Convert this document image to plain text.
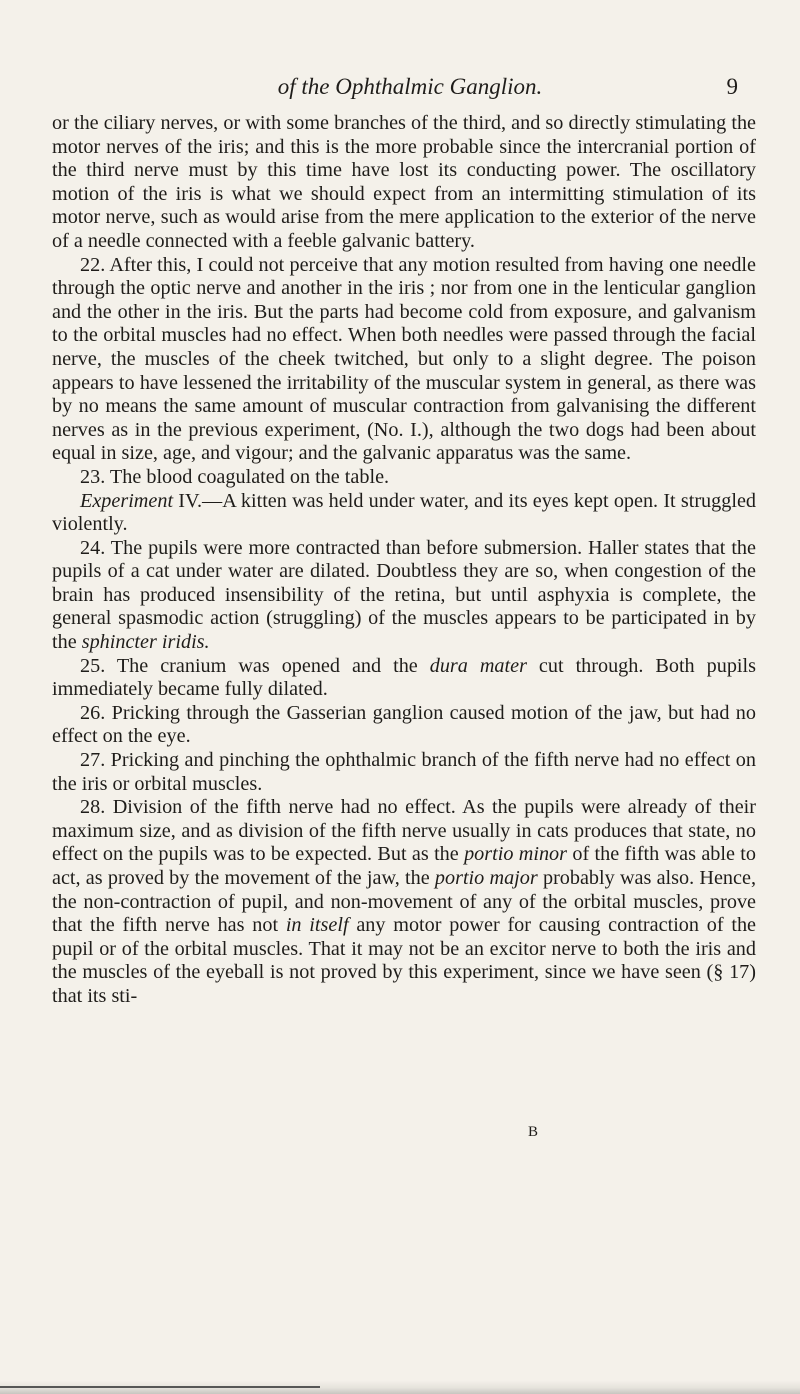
of the Ophthalmic Ganglion.	9

or the ciliary nerves, or with some branches of the third, and so directly stimulating the motor nerves of the iris; and this is the more probable since the intercranial portion of the third nerve must by this time have lost its conducting power. The oscillatory motion of the iris is what we should expect from an intermitting stimulation of its motor nerve, such as would arise from the mere application to the exterior of the nerve of a needle connected with a feeble galvanic battery.

22. After this, I could not perceive that any motion resulted from having one needle through the optic nerve and another in the iris ; nor from one in the lenticular ganglion and the other in the iris. But the parts had become cold from exposure, and galvanism to the orbital muscles had no effect. When both needles were passed through the facial nerve, the muscles of the cheek twitched, but only to a slight degree. The poison appears to have lessened the irritability of the muscular system in general, as there was by no means the same amount of muscular contraction from galvanising the different nerves as in the previous experiment, (No. I.), although the two dogs had been about equal in size, age, and vigour; and the galvanic apparatus was the same.

23. The blood coagulated on the table.

Experiment IV.—A kitten was held under water, and its eyes kept open. It struggled violently.

24. The pupils were more contracted than before submersion. Haller states that the pupils of a cat under water are dilated. Doubtless they are so, when congestion of the brain has produced insensibility of the retina, but until asphyxia is complete, the general spasmodic action (struggling) of the muscles appears to be participated in by the sphincter iridis.

25. The cranium was opened and the dura mater cut through. Both pupils immediately became fully dilated.

26. Pricking through the Gasserian ganglion caused motion of the jaw, but had no effect on the eye.

27. Pricking and pinching the ophthalmic branch of the fifth nerve had no effect on the iris or orbital muscles.

28. Division of the fifth nerve had no effect. As the pupils were already of their maximum size, and as division of the fifth nerve usually in cats produces that state, no effect on the pupils was to be expected. But as the portio minor of the fifth was able to act, as proved by the movement of the jaw, the portio major probably was also. Hence, the non-contraction of pupil, and non-movement of any of the orbital muscles, prove that the fifth nerve has not in itself any motor power for causing contraction of the pupil or of the orbital muscles. That it may not be an excitor nerve to both the iris and the muscles of the eyeball is not proved by this experiment, since we have seen (§ 17) that its sti-

B
